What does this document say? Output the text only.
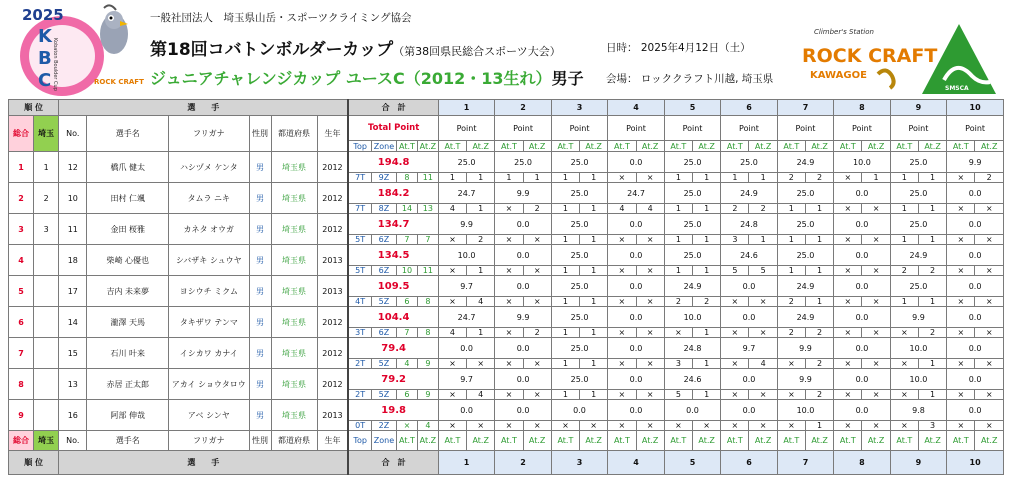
2025
K
B
C Kobaton Boulder Cup	ROCK CRAFT
一般社団法人　埼玉県山岳・スポーツクライミング協会
第18回コバトンボルダーカップ（第38回県民総合スポーツ大会）
ジュニアチャレンジカップ ユースC（2012・13生れ）男子
日時： 2025年4月12日（土）
会場： ロッククラフト川越, 埼玉県
Climber's Station
ROCK CRAFT
KAWAGOE
SMSCA
順 位		選　　手						合　計				1		2		3		4		5		6		7		8		9		10	
総合	埼玉	No.	選手名	フリガナ	性別	都道府県	生年	Total Point				Point		Point		Point		Point		Point		Point		Point		Point		Point		Point	
								Top	Zone	At.T	At.Z	At.T	At.Z	At.T	At.Z	At.T	At.Z	At.T	At.Z	At.T	At.Z	At.T	At.Z	At.T	At.Z	At.T	At.Z	At.T	At.Z	At.T	At.Z
1	1	12	橋爪 健太	ハシヅメ ケンタ	男	埼玉県	2012	194.8				25.0		25.0		25.0		0.0		25.0		25.0		24.9		10.0		25.0		9.9	
								7T	9Z	8	11	1	1	1	1	1	1	×	×	1	1	1	1	2	2	×	1	1	1	×	2
2	2	10	田村 仁颯	タムラ ニキ	男	埼玉県	2012	184.2				24.7		9.9		25.0		24.7		25.0		24.9		25.0		0.0		25.0		0.0	
								7T	8Z	14	13	4	1	×	2	1	1	4	4	1	1	2	2	1	1	×	×	1	1	×	×
3	3	11	金田 桜雅	カネタ オウガ	男	埼玉県	2012	134.7				9.9		0.0		25.0		0.0		25.0		24.8		25.0		0.0		25.0		0.0	
								5T	6Z	7	7	×	2	×	×	1	1	×	×	1	1	3	1	1	1	×	×	1	1	×	×
4		18	柴崎 心優也	シバザキ シュウヤ	男	埼玉県	2013	134.5				10.0		0.0		25.0		0.0		25.0		24.6		25.0		0.0		24.9		0.0	
								5T	6Z	10	11	×	1	×	×	1	1	×	×	1	1	5	5	1	1	×	×	2	2	×	×
5		17	吉内 未来夢	ヨシウチ ミクム	男	埼玉県	2013	109.5				9.7		0.0		25.0		0.0		24.9		0.0		24.9		0.0		25.0		0.0	
								4T	5Z	6	8	×	4	×	×	1	1	×	×	2	2	×	×	2	1	×	×	1	1	×	×
6		14	瀧澤 天馬	タキザワ テンマ	男	埼玉県	2012	104.4				24.7		9.9		25.0		0.0		10.0		0.0		24.9		0.0		9.9		0.0	
								3T	6Z	7	8	4	1	×	2	1	1	×	×	×	1	×	×	2	2	×	×	×	2	×	×
7		15	石川 叶来	イシカワ カナイ	男	埼玉県	2012	79.4				0.0		0.0		25.0		0.0		24.8		9.7		9.9		0.0		10.0		0.0	
								2T	5Z	4	9	×	×	×	×	1	1	×	×	3	1	×	4	×	2	×	×	×	1	×	×
8		13	赤居 正太郎	アカイ ショウタロウ	男	埼玉県	2012	79.2				9.7		0.0		25.0		0.0		24.6		0.0		9.9		0.0		10.0		0.0	
								2T	5Z	6	9	×	4	×	×	1	1	×	×	5	1	×	×	×	2	×	×	×	1	×	×
9		16	阿部 伸哉	アベ シンヤ	男	埼玉県	2013	19.8				0.0		0.0		0.0		0.0		0.0		0.0		10.0		0.0		9.8		0.0	
								0T	2Z	×	4	×	×	×	×	×	×	×	×	×	×	×	×	×	1	×	×	×	3	×	×
総合	埼玉	No.	選手名	フリガナ	性別	都道府県	生年	Top	Zone	At.T	At.Z	At.T	At.Z	At.T	At.Z	At.T	At.Z	At.T	At.Z	At.T	At.Z	At.T	At.Z	At.T	At.Z	At.T	At.Z	At.T	At.Z	At.T	At.Z
順 位		選　　手						合　計				1		2		3		4		5		6		7		8		9		10	
